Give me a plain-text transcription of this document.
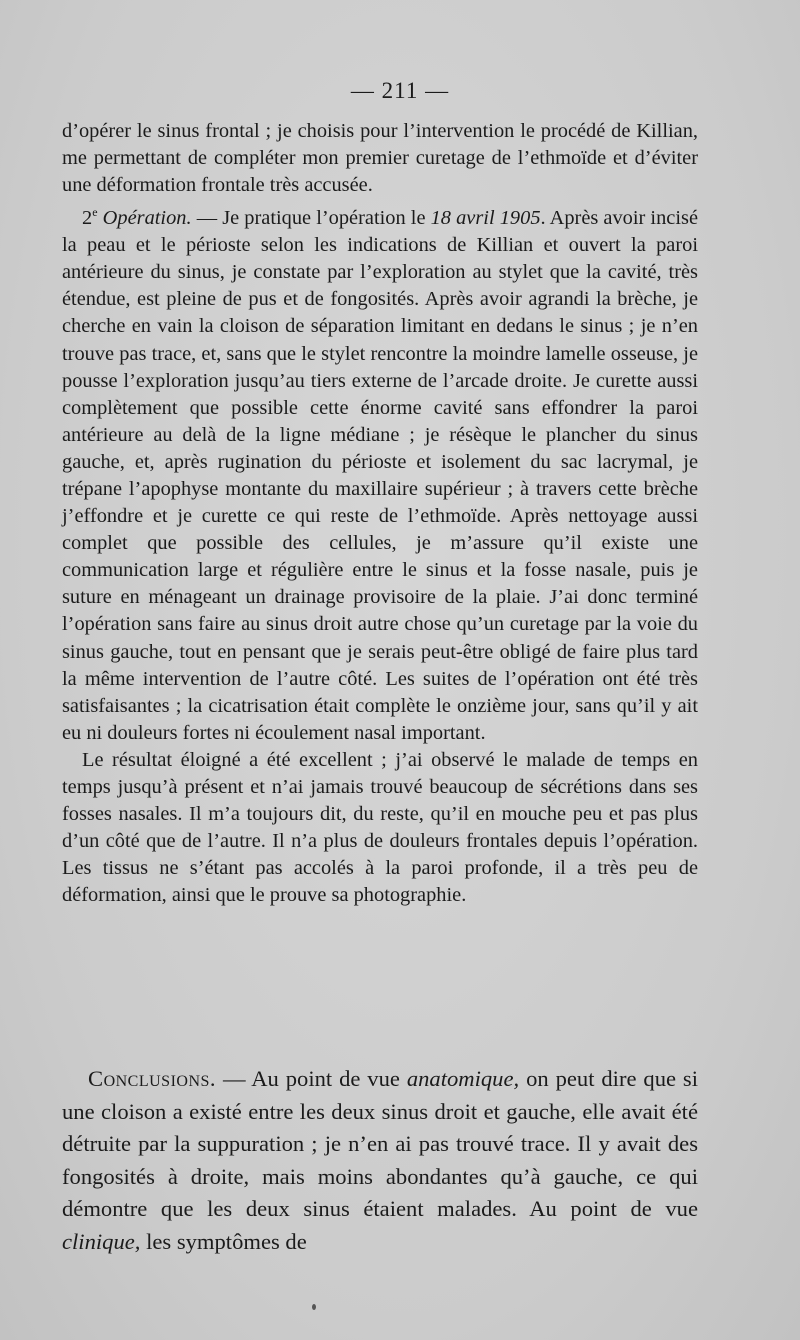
— 211 —

d’opérer le sinus frontal ; je choisis pour l’intervention le procédé de Killian, me permettant de compléter mon premier curetage de l’ethmoïde et d’éviter une déformation frontale très accusée.

2e Opération. — Je pratique l’opération le 18 avril 1905. Après avoir incisé la peau et le périoste selon les indications de Killian et ouvert la paroi antérieure du sinus, je constate par l’exploration au stylet que la cavité, très étendue, est pleine de pus et de fongosités. Après avoir agrandi la brèche, je cherche en vain la cloison de séparation limitant en dedans le sinus ; je n’en trouve pas trace, et, sans que le stylet rencontre la moindre lamelle osseuse, je pousse l’exploration jusqu’au tiers externe de l’arcade droite. Je curette aussi complètement que possible cette énorme cavité sans effondrer la paroi antérieure au delà de la ligne médiane ; je résèque le plancher du sinus gauche, et, après rugination du périoste et isolement du sac lacrymal, je trépane l’apophyse montante du maxillaire supérieur ; à travers cette brèche j’effondre et je curette ce qui reste de l’ethmoïde. Après nettoyage aussi complet que possible des cellules, je m’assure qu’il existe une communication large et régulière entre le sinus et la fosse nasale, puis je suture en ménageant un drainage provisoire de la plaie. J’ai donc terminé l’opération sans faire au sinus droit autre chose qu’un curetage par la voie du sinus gauche, tout en pensant que je serais peut-être obligé de faire plus tard la même intervention de l’autre côté. Les suites de l’opération ont été très satisfaisantes ; la cicatrisation était complète le onzième jour, sans qu’il y ait eu ni douleurs fortes ni écoulement nasal important.

Le résultat éloigné a été excellent ; j’ai observé le malade de temps en temps jusqu’à présent et n’ai jamais trouvé beaucoup de sécrétions dans ses fosses nasales. Il m’a toujours dit, du reste, qu’il en mouche peu et pas plus d’un côté que de l’autre. Il n’a plus de douleurs frontales depuis l’opération. Les tissus ne s’étant pas accolés à la paroi profonde, il a très peu de déformation, ainsi que le prouve sa photographie.

Conclusions. — Au point de vue anatomique, on peut dire que si une cloison a existé entre les deux sinus droit et gauche, elle avait été détruite par la suppuration ; je n’en ai pas trouvé trace. Il y avait des fongosités à droite, mais moins abondantes qu’à gauche, ce qui démontre que les deux sinus étaient malades. Au point de vue clinique, les symptômes de
